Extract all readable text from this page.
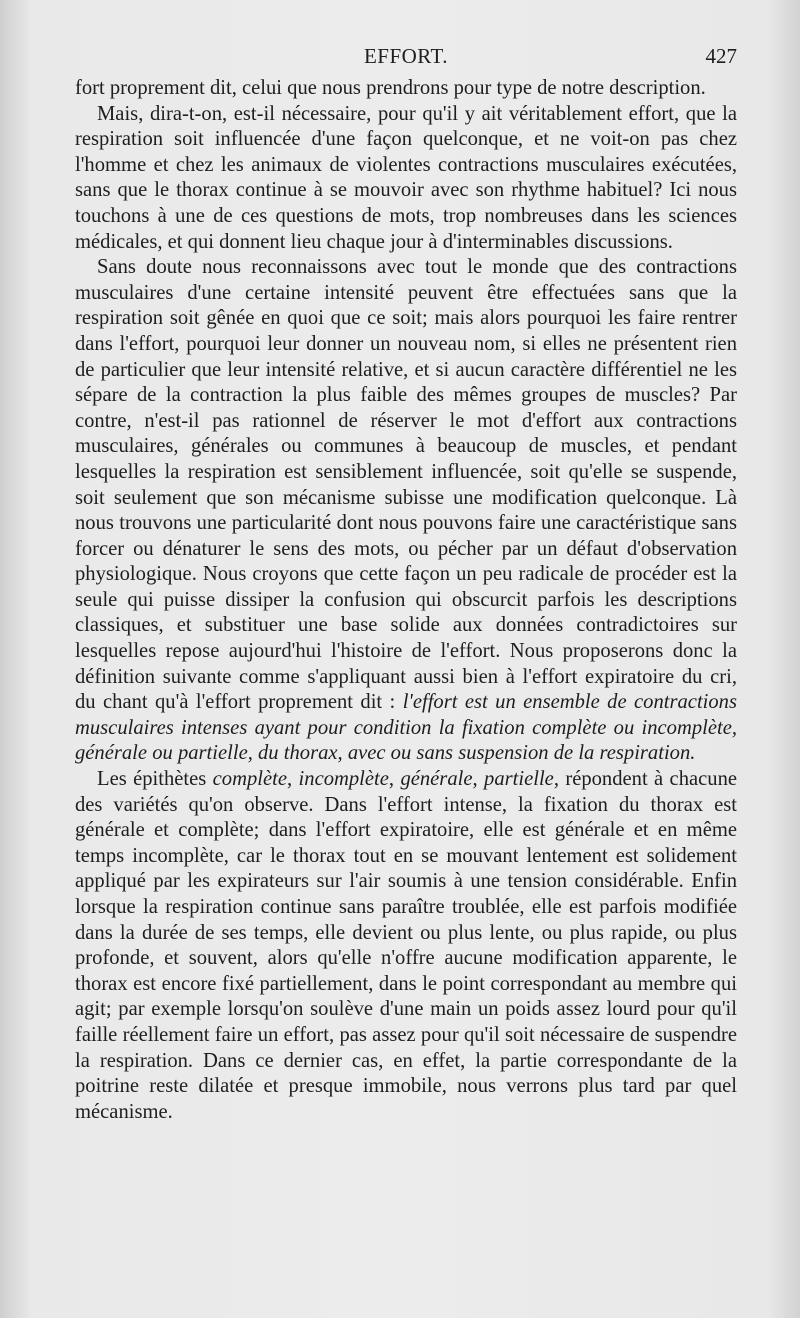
EFFORT.	427

fort proprement dit, celui que nous prendrons pour type de notre description.

Mais, dira-t-on, est-il nécessaire, pour qu'il y ait véritablement effort, que la respiration soit influencée d'une façon quelconque, et ne voit-on pas chez l'homme et chez les animaux de violentes contractions musculaires exécutées, sans que le thorax continue à se mouvoir avec son rhythme habituel? Ici nous touchons à une de ces questions de mots, trop nombreuses dans les sciences médicales, et qui donnent lieu chaque jour à d'interminables discussions.

Sans doute nous reconnaissons avec tout le monde que des contractions musculaires d'une certaine intensité peuvent être effectuées sans que la respiration soit gênée en quoi que ce soit; mais alors pourquoi les faire rentrer dans l'effort, pourquoi leur donner un nouveau nom, si elles ne présentent rien de particulier que leur intensité relative, et si aucun caractère différentiel ne les sépare de la contraction la plus faible des mêmes groupes de muscles? Par contre, n'est-il pas rationnel de réserver le mot d'effort aux contractions musculaires, générales ou communes à beaucoup de muscles, et pendant lesquelles la respiration est sensiblement influencée, soit qu'elle se suspende, soit seulement que son mécanisme subisse une modification quelconque. Là nous trouvons une particularité dont nous pouvons faire une caractéristique sans forcer ou dénaturer le sens des mots, ou pécher par un défaut d'observation physiologique. Nous croyons que cette façon un peu radicale de procéder est la seule qui puisse dissiper la confusion qui obscurcit parfois les descriptions classiques, et substituer une base solide aux données contradictoires sur lesquelles repose aujourd'hui l'histoire de l'effort. Nous proposerons donc la définition suivante comme s'appliquant aussi bien à l'effort expiratoire du cri, du chant qu'à l'effort proprement dit : l'effort est un ensemble de contractions musculaires intenses ayant pour condition la fixation complète ou incomplète, générale ou partielle, du thorax, avec ou sans suspension de la respiration.

Les épithètes complète, incomplète, générale, partielle, répondent à chacune des variétés qu'on observe. Dans l'effort intense, la fixation du thorax est générale et complète; dans l'effort expiratoire, elle est générale et en même temps incomplète, car le thorax tout en se mouvant lentement est solidement appliqué par les expirateurs sur l'air soumis à une tension considérable. Enfin lorsque la respiration continue sans paraître troublée, elle est parfois modifiée dans la durée de ses temps, elle devient ou plus lente, ou plus rapide, ou plus profonde, et souvent, alors qu'elle n'offre aucune modification apparente, le thorax est encore fixé partiellement, dans le point correspondant au membre qui agit; par exemple lorsqu'on soulève d'une main un poids assez lourd pour qu'il faille réellement faire un effort, pas assez pour qu'il soit nécessaire de suspendre la respiration. Dans ce dernier cas, en effet, la partie correspondante de la poitrine reste dilatée et presque immobile, nous verrons plus tard par quel mécanisme.
